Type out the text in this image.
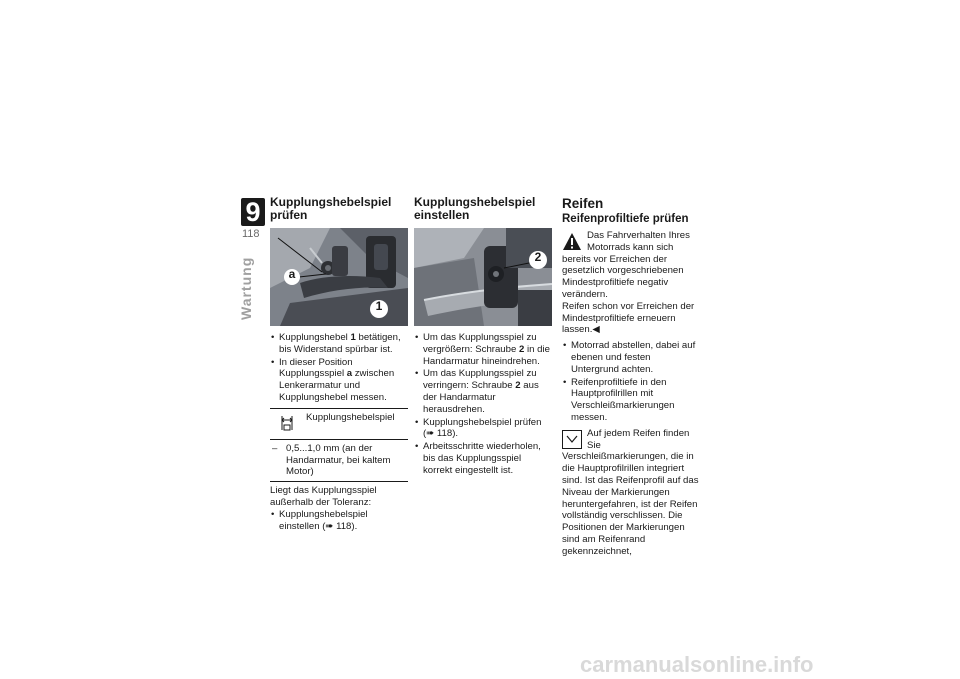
9
118
Wartung
Kupplungshebelspiel prüfen
a
1
• Kupplungshebel 1 betätigen, bis Widerstand spürbar ist.
• In dieser Position Kupplungsspiel a zwischen Lenkerarmatur und Kupplungshebel messen.
Kupplungshebelspiel
– 0,5...1,0 mm (an der Handarmatur, bei kaltem Motor)

Liegt das Kupplungsspiel außerhalb der Toleranz:

• Kupplungshebelspiel einstellen (➠ 118).
Kupplungshebelspiel einstellen
2
• Um das Kupplungsspiel zu vergrößern: Schraube 2 in die Handarmatur hineindrehen.
• Um das Kupplungsspiel zu verringern: Schraube 2 aus der Handarmatur herausdrehen.
• Kupplungshebelspiel prüfen (➠ 118).
• Arbeitsschritte wiederholen, bis das Kupplungsspiel korrekt eingestellt ist.
Reifen
Reifenprofiltiefe prüfen

Das Fahrverhalten Ihres Motorrads kann sich bereits vor Erreichen der gesetzlich vorgeschriebenen Mindestprofiltiefe negativ verändern.

Reifen schon vor Erreichen der Mindestprofiltiefe erneuern lassen.◀

• Motorrad abstellen, dabei auf ebenen und festen Untergrund achten.
• Reifenprofiltiefe in den Hauptprofilrillen mit Verschleißmarkierungen messen.

Auf jedem Reifen finden Sie Verschleißmarkierungen, die in die Hauptprofilrillen integriert sind. Ist das Reifenprofil auf das Niveau der Markierungen heruntergefahren, ist der Reifen vollständig verschlissen. Die Positionen der Markierungen sind am Reifenrand gekennzeichnet,

carmanualsonline.info
